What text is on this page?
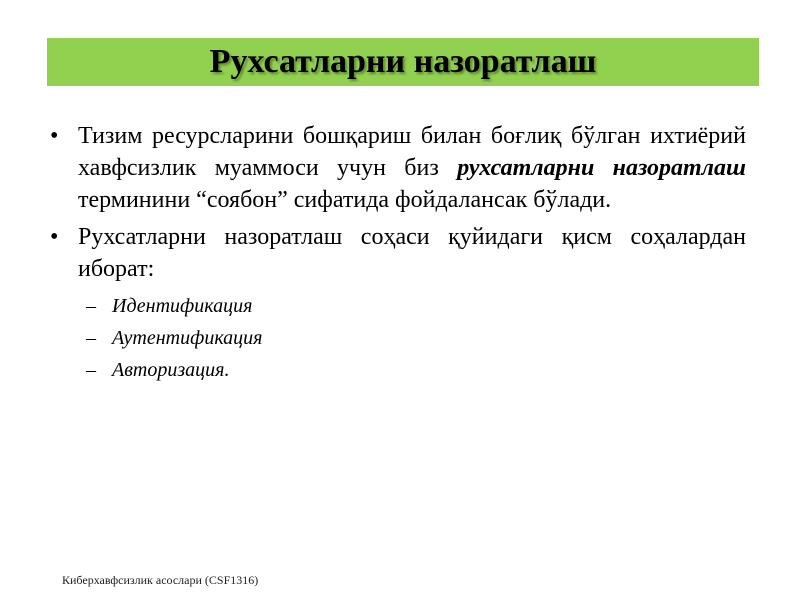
Рухсатларни назоратлаш
• Тизим ресурсларини бошқариш билан боғлиқ бўлган ихтиёрий хавфсизлик муаммоси учун биз рухсатларни назоратлаш терминини “соябон” сифатида фойдалансак бўлади.
• Рухсатларни назоратлаш соҳаси қуйидаги қисм соҳалардан иборат:
– Идентификация
– Аутентификация
– Авторизация.
Киберхавфсизлик асослари (CSF1316)
